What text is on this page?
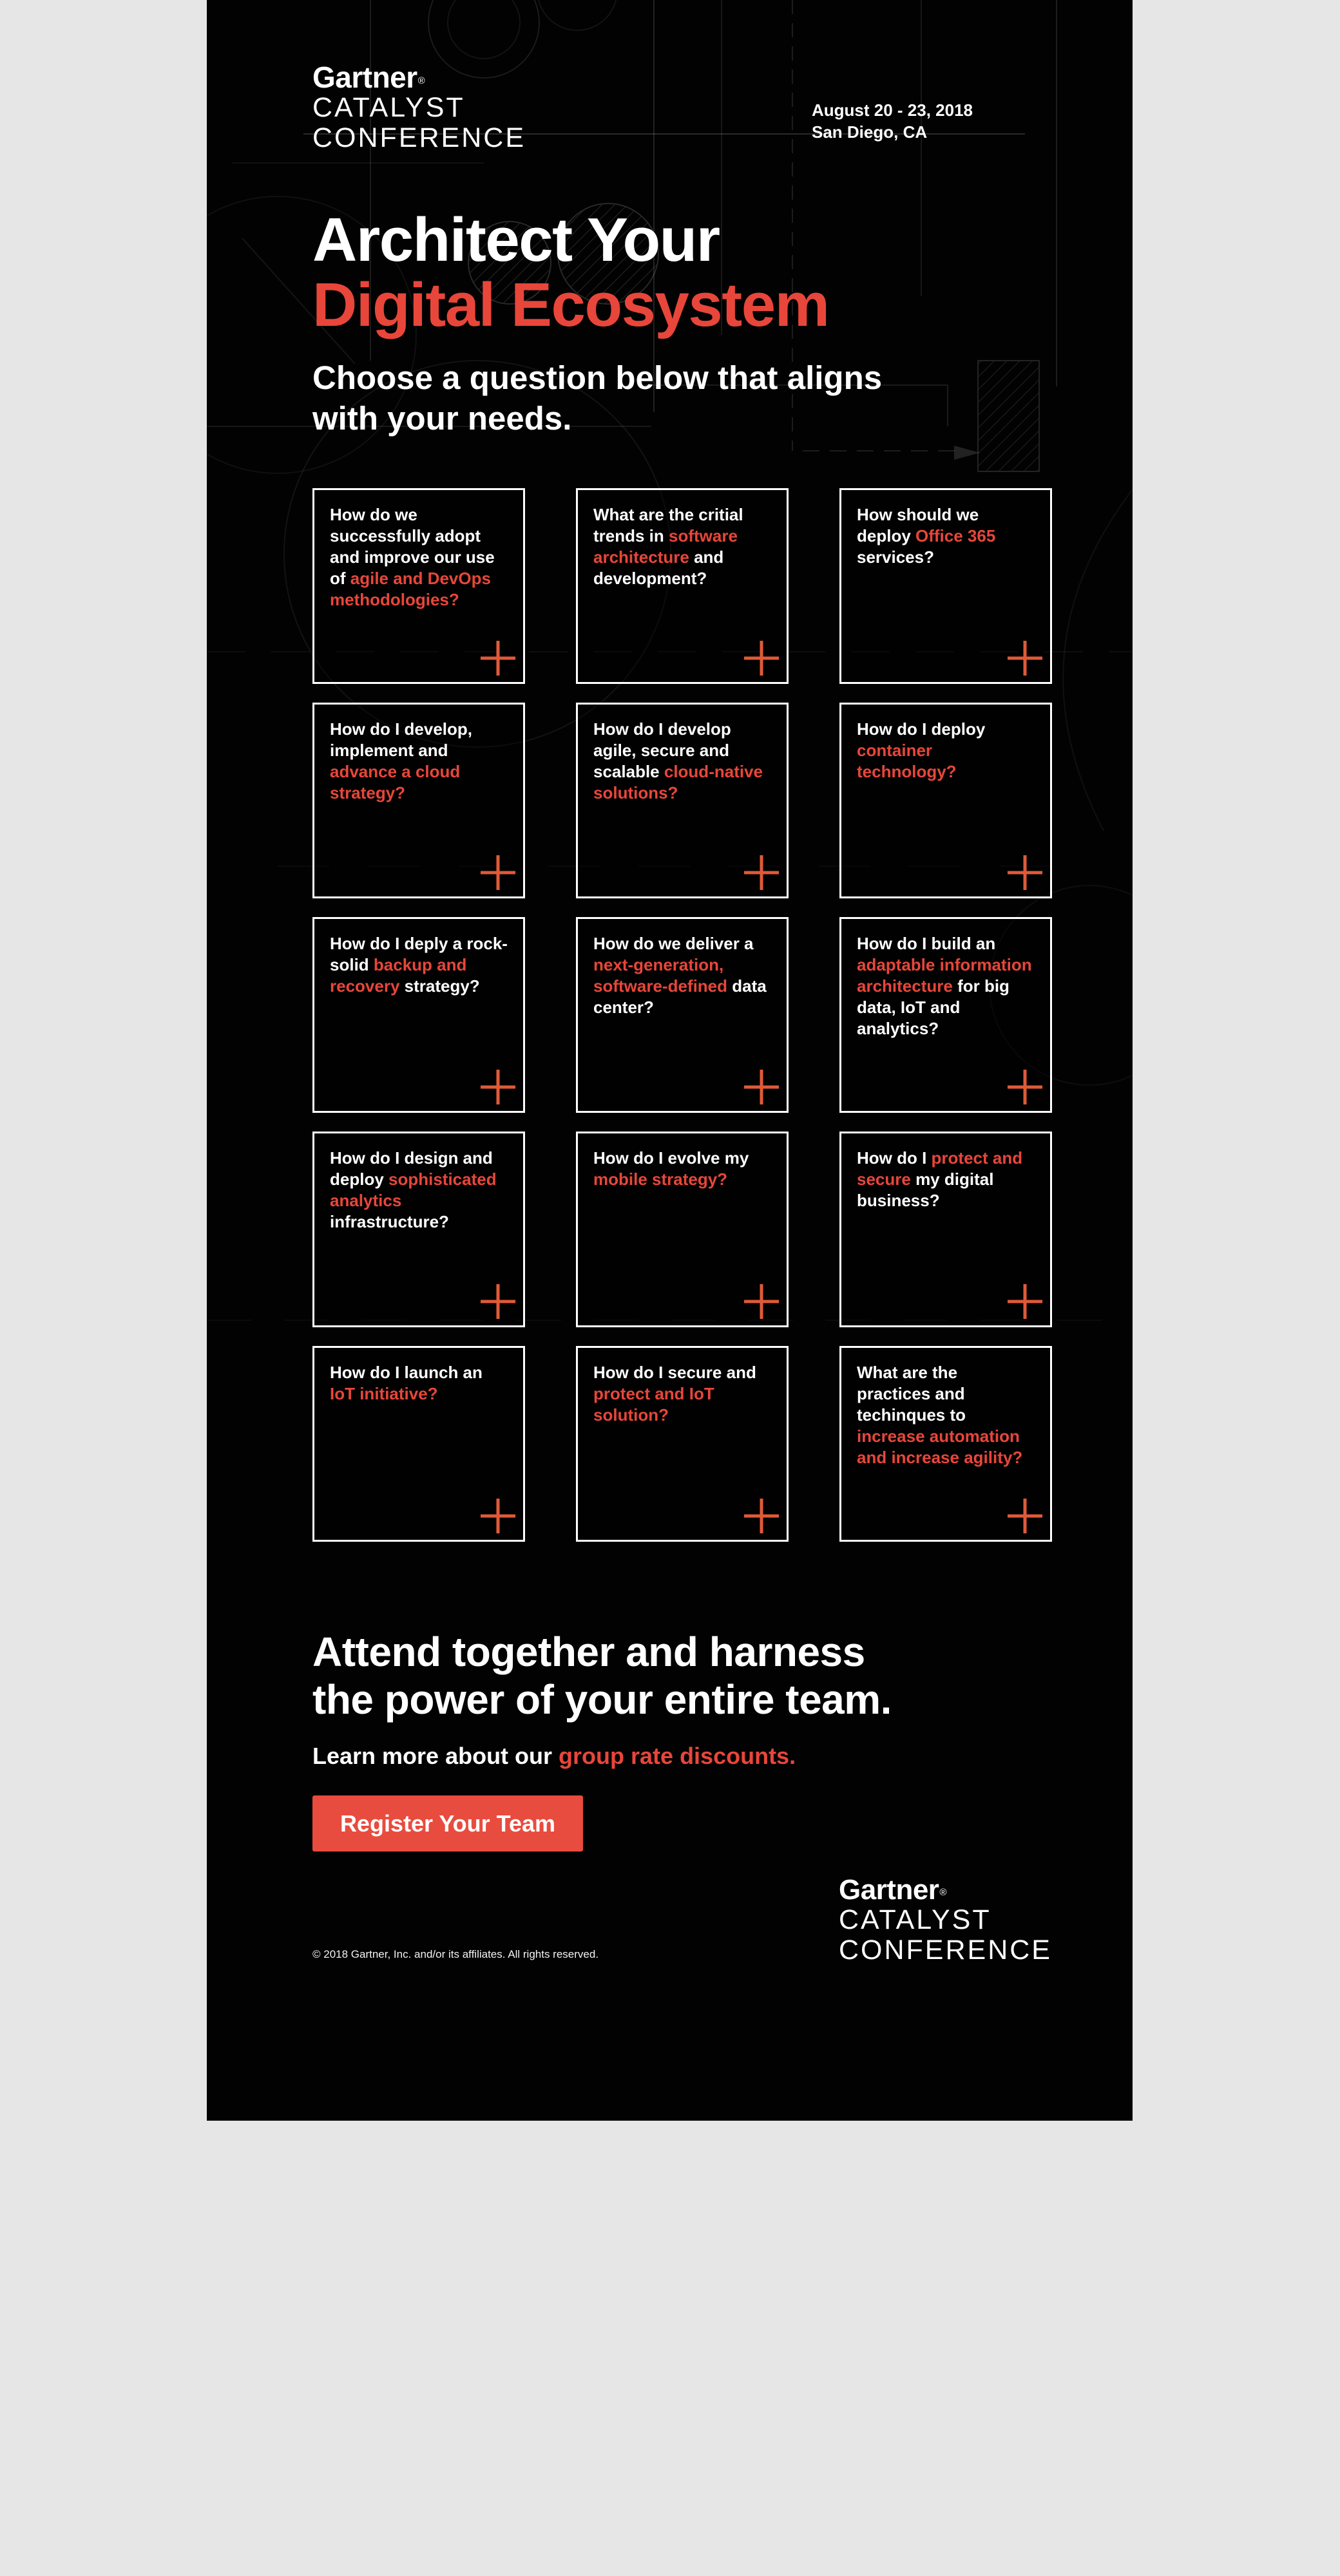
Gartner®
CATALYST
CONFERENCE
August 20 - 23, 2018
San Diego, CA
Architect Your
Digital Ecosystem
Choose a question below that aligns
with your needs.
How do we successfully adopt and improve our use of agile and DevOps methodologies?
What are the critial trends in software architecture and development?
How should we deploy Office 365 services?
How do I develop, implement and advance a cloud strategy?
How do I develop agile, secure and scalable cloud-native solutions?
How do I deploy container technology?
How do I deply a rock-solid backup and recovery strategy?
How do we deliver a next-generation, software-defined data center?
How do I build an adaptable information architecture for big data, IoT and analytics?
How do I design and deploy sophisticated analytics infrastructure?
How do I evolve my mobile strategy?
How do I protect and secure my digital business?
How do I launch an IoT initiative?
How do I secure and protect and IoT solution?
What are the practices and techinques to increase automation and increase agility?
Attend together and harness
the power of your entire team.
Learn more about our group rate discounts.
Register Your Team
© 2018 Gartner, Inc. and/or its affiliates. All rights reserved.
Gartner®
CATALYST
CONFERENCE
